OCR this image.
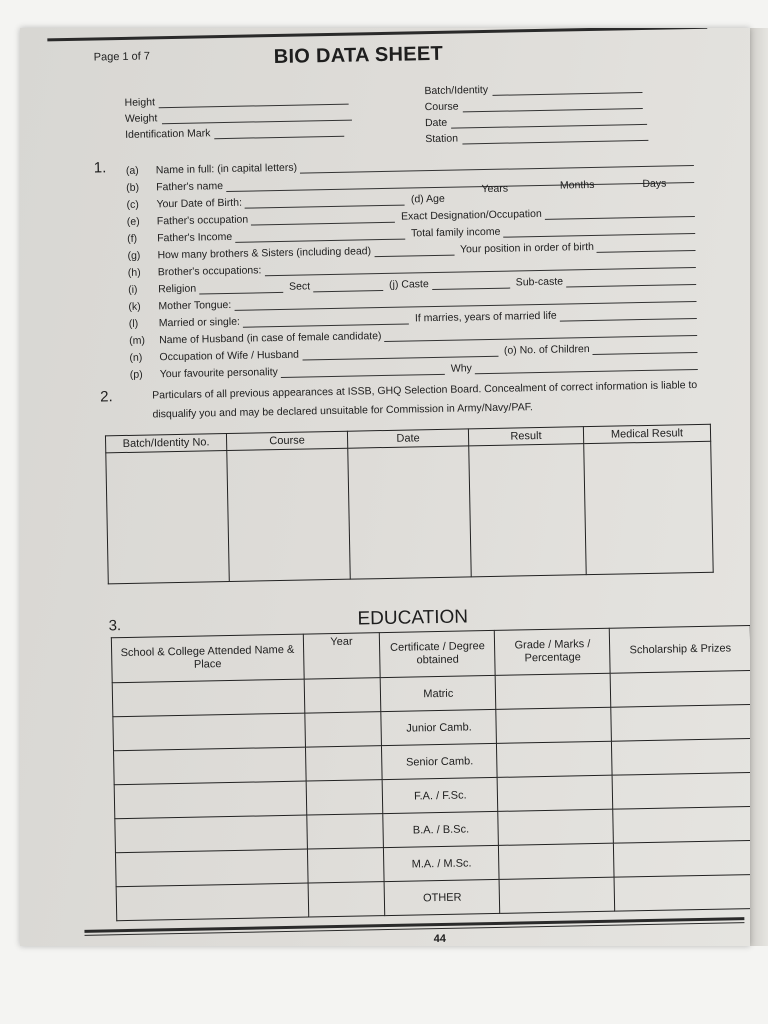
Page 1 of 7	BIO DATA SHEET
Height
Weight
Identification Mark
Batch/Identity
Course
Date
Station
1. (a)	Name in full: (in capital letters)
(b)	Father's name
(c)	Your Date of Birth:	(d) Age
Years	Months	Days
(e)	Father's occupation	Exact Designation/Occupation
(f)	Father's Income	Total family income
(g)	How many brothers & Sisters (including dead)	Your position in order of birth
(h)	Brother's occupations:
(i)	Religion	Sect	(j) Caste	Sub-caste
(k)	Mother Tongue:
(l)	Married or single:	If marries, years of married life
(m)	Name of Husband (in case of female candidate)
(n)	Occupation of Wife / Husband	(o) No. of Children
(p)	Your favourite personality	Why
2.	Particulars of all previous appearances at ISSB, GHQ Selection Board. Concealment of correct information is liable to disqualify you and may be declared unsuitable for Commission in Army/Navy/PAF.
Batch/Identity No.	Course	Date	Result	Medical Result

3.	EDUCATION
School & College Attended Name & Place	Year	Certificate / Degree obtained	Grade / Marks / Percentage	Scholarship & Prizes
		Matric		
		Junior Camb.		
		Senior Camb.		
		F.A. / F.Sc.		
		B.A. / B.Sc.		
		M.A. / M.Sc.		
		OTHER		
44
